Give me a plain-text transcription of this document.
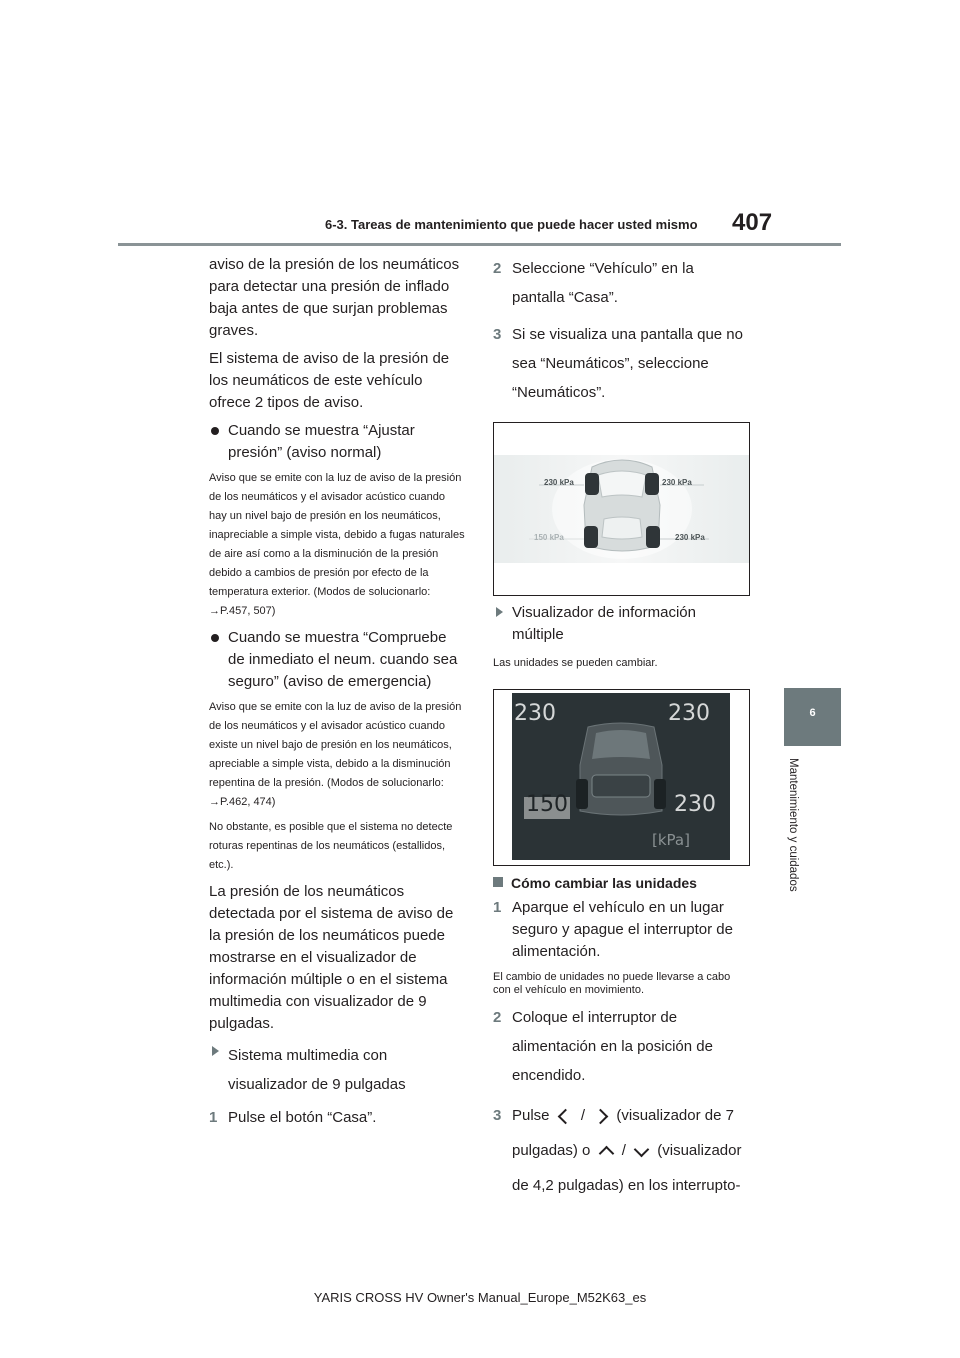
6-3. Tareas de mantenimiento que puede hacer usted mismo 407
6
Mantenimiento y cuidados

aviso de la presión de los neumáticos para detectar una presión de inflado baja antes de que surjan problemas graves.

El sistema de aviso de la presión de los neumáticos de este vehículo ofrece 2 tipos de aviso.

Cuando se muestra “Ajustar presión” (aviso normal)

Aviso que se emite con la luz de aviso de la presión de los neumáticos y el avisador acústico cuando hay un nivel bajo de presión en los neumáticos, inapreciable a simple vista, debido a fugas naturales de aire así como a la disminución de la presión debido a cambios de presión por efecto de la temperatura exterior. (Modos de solucionarlo: →P.457, 507)

Cuando se muestra “Compruebe de inmediato el neum. cuando sea seguro” (aviso de emergencia)

Aviso que se emite con la luz de aviso de la presión de los neumáticos y el avisador acústico cuando existe un nivel bajo de presión en los neumáticos, apreciable a simple vista, debido a la disminución repentina de la presión. (Modos de solucionarlo: →P.462, 474)

No obstante, es posible que el sistema no detecte roturas repentinas de los neumáticos (estallidos, etc.).

La presión de los neumáticos detectada por el sistema de aviso de la presión de los neumáticos puede mostrarse en el visualizador de información múltiple o en el sistema multimedia con visualizador de 9 pulgadas.

Sistema multimedia con visualizador de 9 pulgadas
1 Pulse el botón “Casa”.
2 Seleccione “Vehículo” en la pantalla “Casa”.
3 Si se visualiza una pantalla que no sea “Neumáticos”, seleccione “Neumáticos”.
230 kPa	230 kPa
150 kPa	230 kPa
Visualizador de información múltiple

Las unidades se pueden cambiar.

230	230
150	230
[kPa]
Cómo cambiar las unidades
1 Aparque el vehículo en un lugar seguro y apague el interruptor de alimentación.

El cambio de unidades no puede llevarse a cabo con el vehículo en movimiento.

2 Coloque el interruptor de alimentación en la posición de encendido.
3 Pulse / (visualizador de 7 pulgadas) o / (visualizador de 4,2 pulgadas) en los interrupto-
YARIS CROSS HV Owner's Manual_Europe_M52K63_es
